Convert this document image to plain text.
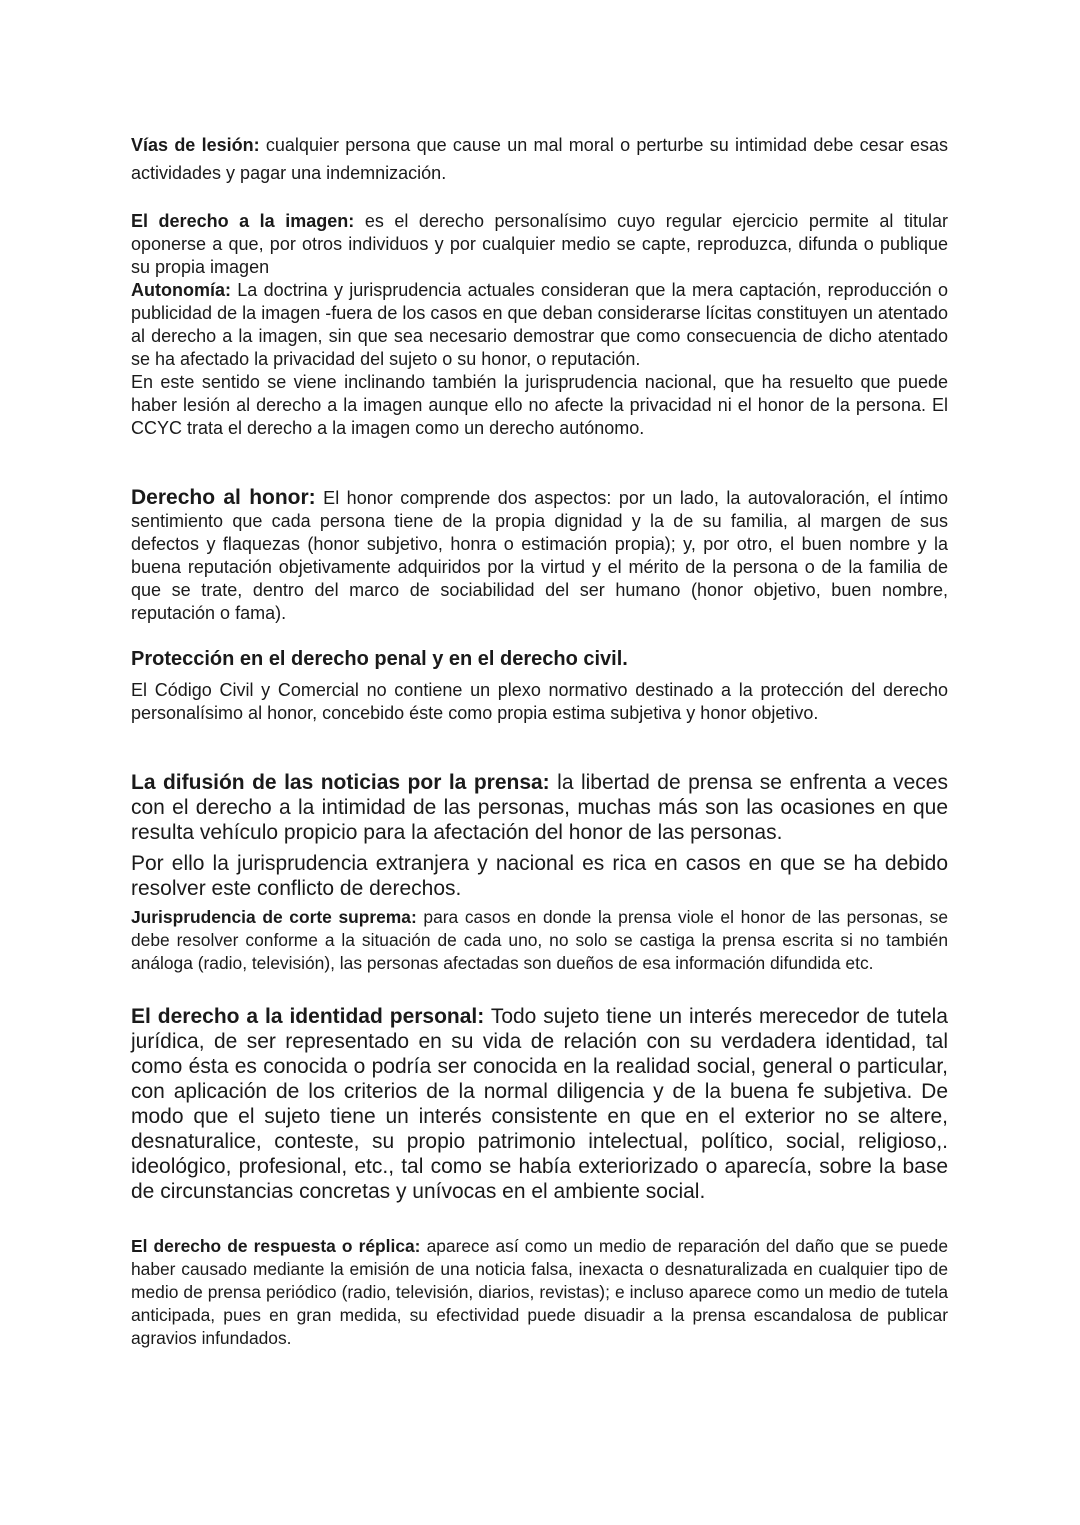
Vías de lesión: cualquier persona que cause un mal moral o perturbe su intimidad debe cesar esas actividades y pagar una indemnización.

El derecho a la imagen: es el derecho personalísimo cuyo regular ejercicio permite al titular oponerse a que, por otros individuos y por cualquier medio se capte, reproduzca, difunda o publique su propia imagen
Autonomía: La doctrina y jurisprudencia actuales consideran que la mera captación, reproducción o publicidad de la imagen -fuera de los casos en que deban considerarse lícitas constituyen un atentado al derecho a la imagen, sin que sea necesario demostrar que como consecuencia de dicho atentado se ha afectado la privacidad del sujeto o su honor, o reputación.
En este sentido se viene inclinando también la jurisprudencia nacional, que ha resuelto que puede haber lesión al derecho a la imagen aunque ello no afecte la privacidad ni el honor de la persona. El CCYC trata el derecho a la imagen como un derecho autónomo.

Derecho al honor: El honor comprende dos aspectos: por un lado, la autovaloración, el íntimo sentimiento que cada persona tiene de la propia dignidad y la de su familia, al margen de sus defectos y flaquezas (honor subjetivo, honra o estimación propia); y, por otro, el buen nombre y la buena reputación objetivamente adquiridos por la virtud y el mérito de la persona o de la familia de que se trate, dentro del marco de sociabilidad del ser humano (honor objetivo, buen nombre, reputación o fama).

Protección en el derecho penal y en el derecho civil.

El Código Civil y Comercial no contiene un plexo normativo destinado a la protección del derecho personalísimo al honor, concebido éste como propia estima subjetiva y honor objetivo.

La difusión de las noticias por la prensa: la libertad de prensa se enfrenta a veces con el derecho a la intimidad de las personas, muchas más son las ocasiones en que resulta vehículo propicio para la afectación del honor de las personas.

Por ello la jurisprudencia extranjera y nacional es rica en casos en que se ha debido resolver este conflicto de derechos.

Jurisprudencia de corte suprema: para casos en donde la prensa viole el honor de las personas, se debe resolver conforme a la situación de cada uno, no solo se castiga la prensa escrita si no también análoga (radio, televisión), las personas afectadas son dueños de esa información difundida etc.

El derecho a la identidad personal: Todo sujeto tiene un interés merecedor de tutela jurídica, de ser representado en su vida de relación con su verdadera identidad, tal como ésta es conocida o podría ser conocida en la realidad social, general o particular, con aplicación de los criterios de la normal diligencia y de la buena fe subjetiva. De modo que el sujeto tiene un interés consistente en que en el exterior no se altere, desnaturalice, conteste, su propio patrimonio intelectual, político, social, religioso,. ideológico, profesional, etc., tal como se había exteriorizado o aparecía, sobre la base de circunstancias concretas y unívocas en el ambiente social.

El derecho de respuesta o réplica: aparece así como un medio de reparación del daño que se puede haber causado mediante la emisión de una noticia falsa, inexacta o desnaturalizada en cualquier tipo de medio de prensa periódico (radio, televisión, diarios, revistas); e incluso aparece como un medio de tutela anticipada, pues en gran medida, su efectividad puede disuadir a la prensa escandalosa de publicar agravios infundados.
